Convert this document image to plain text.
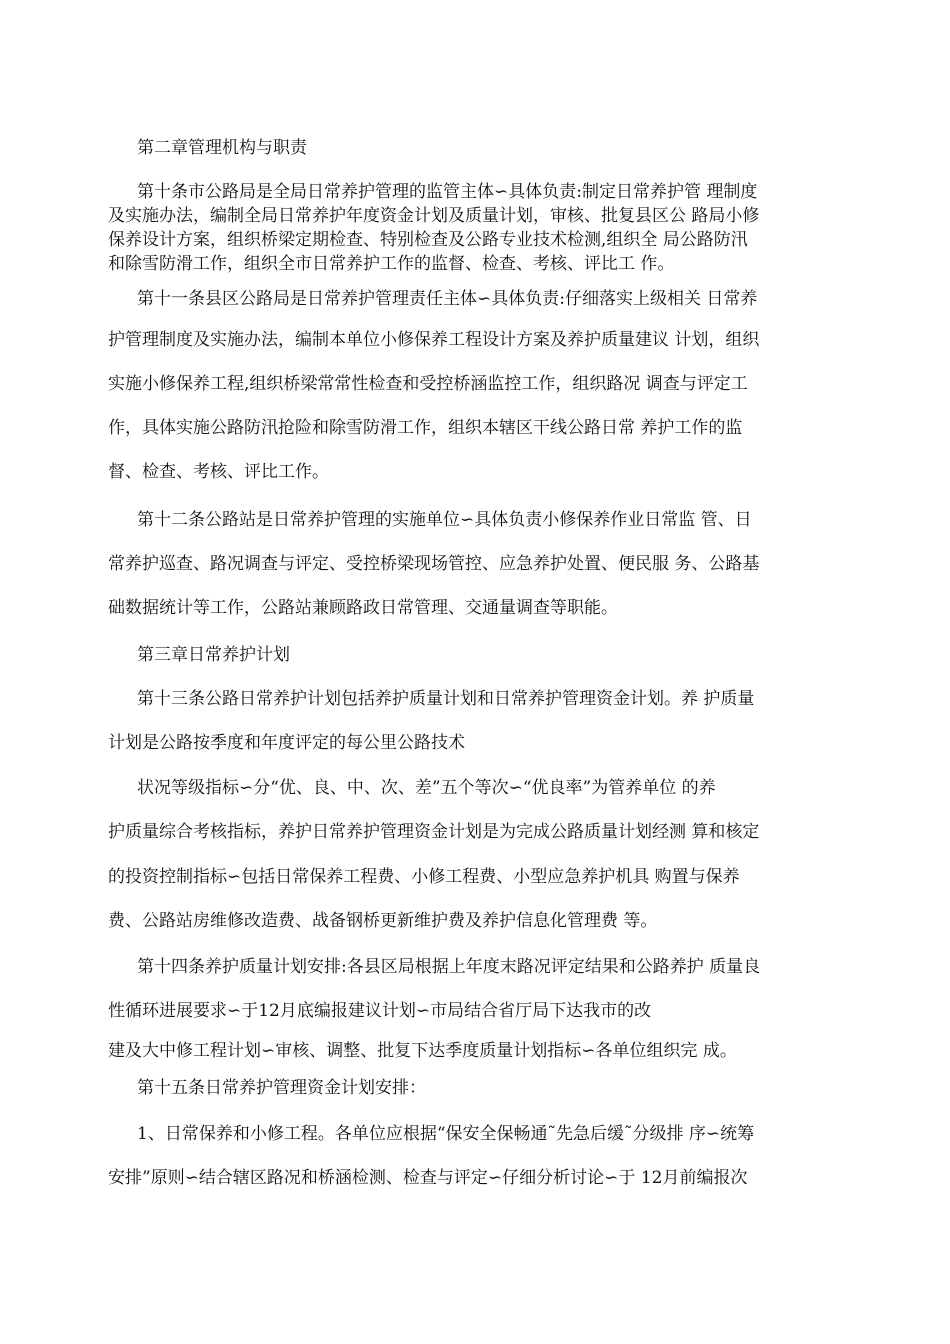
第二章管理机构与职责
第十条市公路局是全局日常养护管理的监管主体∽具体负责:制定日常养护管 理制度
及实施办法，编制全局日常养护年度资金计划及质量计划，审核、批复县区公 路局小修
保养设计方案，组织桥梁定期检查、特别检查及公路专业技术检测,组织全 局公路防汛
和除雪防滑工作，组织全市日常养护工作的监督、检查、考核、评比工 作。
第十一条县区公路局是日常养护管理责任主体∽具体负责:仔细落实上级相关 日常养
护管理制度及实施办法，编制本单位小修保养工程设计方案及养护质量建议 计划，组织
实施小修保养工程,组织桥梁常常性检查和受控桥涵监控工作，组织路况 调查与评定工
作，具体实施公路防汛抢险和除雪防滑工作，组织本辖区干线公路日常 养护工作的监
督、检查、考核、评比工作。
第十二条公路站是日常养护管理的实施单位∽具体负责小修保养作业日常监 管、日
常养护巡查、路况调查与评定、受控桥梁现场管控、应急养护处置、便民服 务、公路基
础数据统计等工作，公路站兼顾路政日常管理、交通量调查等职能。
第三章日常养护计划
第十三条公路日常养护计划包括养护质量计划和日常养护管理资金计划。养 护质量
计划是公路按季度和年度评定的每公里公路技术
状况等级指标∽分“优、良、中、次、差”五个等次∽“优良率”为管养单位 的养
护质量综合考核指标，养护日常养护管理资金计划是为完成公路质量计划经测 算和核定
的投资控制指标∽包括日常保养工程费、小修工程费、小型应急养护机具 购置与保养
费、公路站房维修改造费、战备钢桥更新维护费及养护信息化管理费 等。
第十四条养护质量计划安排:各县区局根据上年度末路况评定结果和公路养护 质量良
性循环进展要求∽于12月底编报建议计划∽市局结合省厅局下达我市的改
建及大中修工程计划∽审核、调整、批复下达季度质量计划指标∽各单位组织完 成。
第十五条日常养护管理资金计划安排：
1、日常保养和小修工程。各单位应根据“保安全保畅通˜先急后缓˜分级排 序∽统筹
安排”原则∽结合辖区路况和桥涵检测、检查与评定∽仔细分析讨论∽于 12月前编报次
